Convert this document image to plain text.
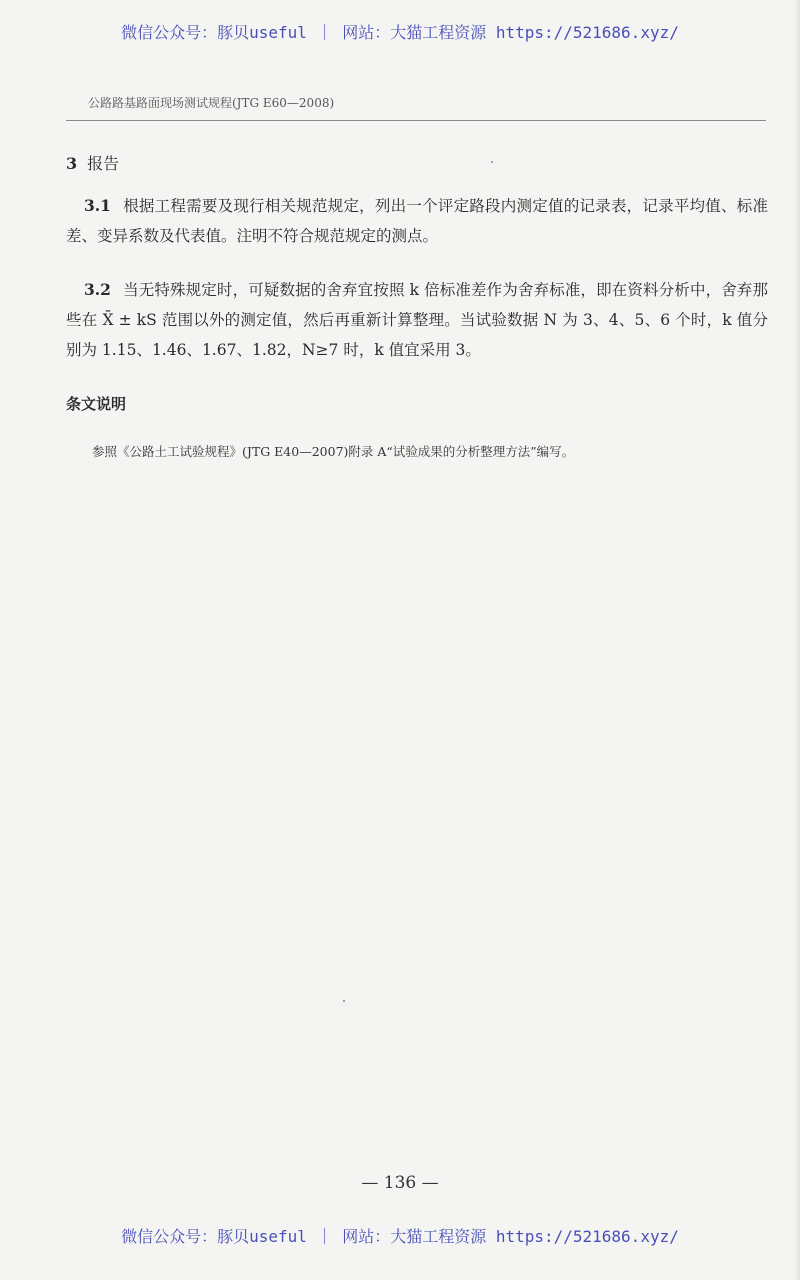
微信公众号：豚贝useful ｜ 网站：大猫工程资源 https://521686.xyz/
公路路基路面现场测试规程(JTG E60—2008)
3 报告
3.1 根据工程需要及现行相关规范规定，列出一个评定路段内测定值的记录表，记录平均值、标准差、变异系数及代表值。注明不符合规范规定的测点。
3.2 当无特殊规定时，可疑数据的舍弃宜按照 k 倍标准差作为舍弃标准，即在资料分析中，舍弃那些在 X̄ ± kS 范围以外的测定值，然后再重新计算整理。当试验数据 N 为 3、4、5、6 个时，k 值分别为 1.15、1.46、1.67、1.82，N≥7 时，k 值宜采用 3。
条文说明
参照《公路土工试验规程》(JTG E40—2007)附录 A“试验成果的分析整理方法”编写。
— 136 —
微信公众号：豚贝useful ｜ 网站：大猫工程资源 https://521686.xyz/
